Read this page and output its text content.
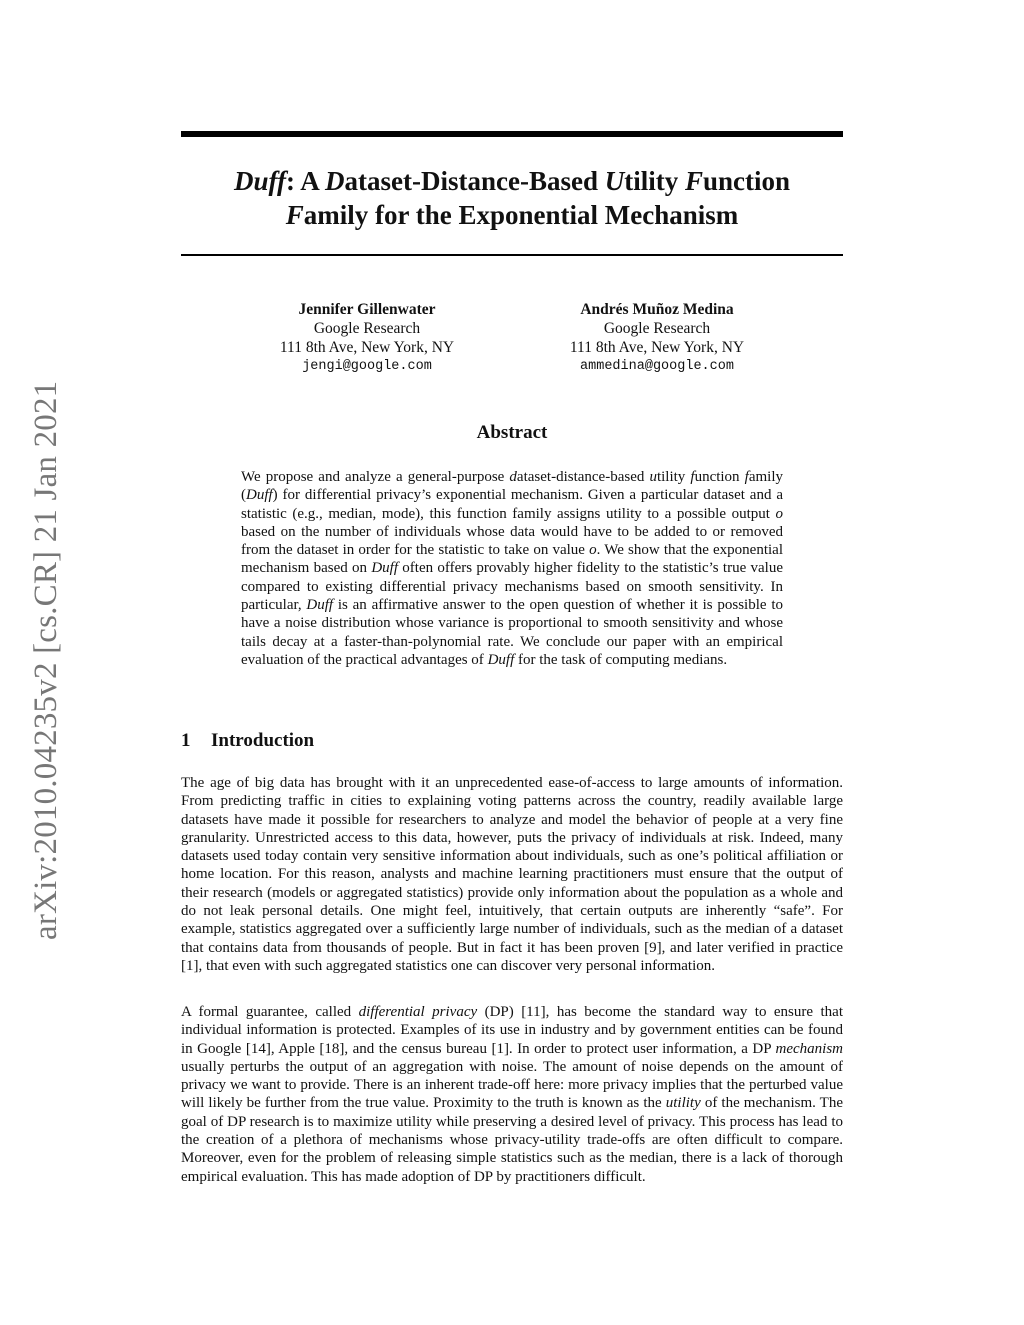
arXiv:2010.04235v2 [cs.CR] 21 Jan 2021
Duff: A Dataset-Distance-Based Utility Function
Family for the Exponential Mechanism
Jennifer Gillenwater
Google Research
111 8th Ave, New York, NY
jengi@google.com
Andrés Muñoz Medina
Google Research
111 8th Ave, New York, NY
ammedina@google.com
Abstract
We propose and analyze a general-purpose dataset-distance-based utility function family (Duff) for differential privacy’s exponential mechanism. Given a particular dataset and a statistic (e.g., median, mode), this function family assigns utility to a possible output o based on the number of individuals whose data would have to be added to or removed from the dataset in order for the statistic to take on value o. We show that the exponential mechanism based on Duff often offers provably higher fidelity to the statistic’s true value compared to existing differential privacy mechanisms based on smooth sensitivity. In particular, Duff is an affirmative answer to the open question of whether it is possible to have a noise distribution whose variance is proportional to smooth sensitivity and whose tails decay at a faster-than-polynomial rate. We conclude our paper with an empirical evaluation of the practical advantages of Duff for the task of computing medians.
1 Introduction

The age of big data has brought with it an unprecedented ease-of-access to large amounts of information. From predicting traffic in cities to explaining voting patterns across the country, readily available large datasets have made it possible for researchers to analyze and model the behavior of people at a very fine granularity. Unrestricted access to this data, however, puts the privacy of individuals at risk. Indeed, many datasets used today contain very sensitive information about individuals, such as one’s political affiliation or home location. For this reason, analysts and machine learning practitioners must ensure that the output of their research (models or aggregated statistics) provide only information about the population as a whole and do not leak personal details. One might feel, intuitively, that certain outputs are inherently “safe”. For example, statistics aggregated over a sufficiently large number of individuals, such as the median of a dataset that contains data from thousands of people. But in fact it has been proven [9], and later verified in practice [1], that even with such aggregated statistics one can discover very personal information.

A formal guarantee, called differential privacy (DP) [11], has become the standard way to ensure that individual information is protected. Examples of its use in industry and by government entities can be found in Google [14], Apple [18], and the census bureau [1]. In order to protect user information, a DP mechanism usually perturbs the output of an aggregation with noise. The amount of noise depends on the amount of privacy we want to provide. There is an inherent trade-off here: more privacy implies that the perturbed value will likely be further from the true value. Proximity to the truth is known as the utility of the mechanism. The goal of DP research is to maximize utility while preserving a desired level of privacy. This process has lead to the creation of a plethora of mechanisms whose privacy-utility trade-offs are often difficult to compare. Moreover, even for the problem of releasing simple statistics such as the median, there is a lack of thorough empirical evaluation. This has made adoption of DP by practitioners difficult.
